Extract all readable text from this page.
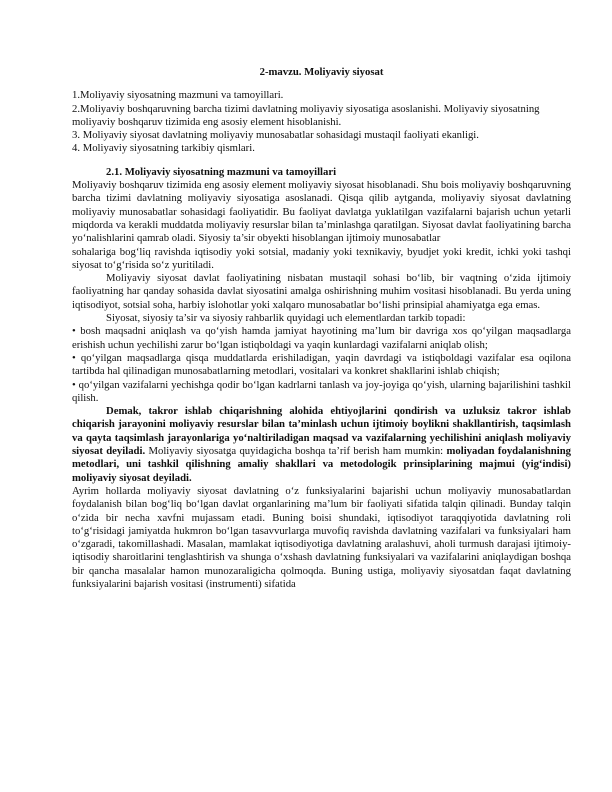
2-mavzu. Moliyaviy siyosat

1.Moliyaviy siyosatning mazmuni va tamoyillari.

2.Moliyaviy boshqaruvning barcha tizimi davlatning moliyaviy siyosatiga asoslanishi. Moliyaviy siyosatning moliyaviy boshqaruv tizimida eng asosiy element hisoblanishi.

3. Moliyaviy siyosat davlatning moliyaviy munosabatlar sohasidagi mustaqil faoliyati ekanligi.

4. Moliyaviy siyosatning tarkibiy qismlari.

2.1. Moliyaviy siyosatning mazmuni va tamoyillari

Moliyaviy boshqaruv tizimida eng asosiy element moliyaviy siyosat hisoblanadi. Shu bois moliyaviy boshqaruvning barcha tizimi davlatning moliyaviy siyosatiga asoslanadi. Qisqa qilib aytganda, moliyaviy siyosat davlatning moliyaviy munosabatlar sohasidagi faoliyatidir. Bu faoliyat davlatga yuklatilgan vazifalarni bajarish uchun yetarli miqdorda va kerakli muddatda moliyaviy resurslar bilan ta’minlashga qaratilgan. Siyosat davlat faoliyatining barcha yo‘nalishlarini qamrab oladi. Siyosiy ta’sir obyekti hisoblangan ijtimoiy munosabatlar

sohalariga bog‘liq ravishda iqtisodiy yoki sotsial, madaniy yoki texnikaviy, byudjet yoki kredit, ichki yoki tashqi siyosat to‘g‘risida so‘z yuritiladi.

Moliyaviy siyosat davlat faoliyatining nisbatan mustaqil sohasi bo‘lib, bir vaqtning o‘zida ijtimoiy faoliyatning har qanday sohasida davlat siyosatini amalga oshirishning muhim vositasi hisoblanadi. Bu yerda uning iqtisodiyot, sotsial soha, harbiy islohotlar yoki xalqaro munosabatlar bo‘lishi prinsipial ahamiyatga ega emas.

Siyosat, siyosiy ta’sir va siyosiy rahbarlik quyidagi uch elementlardan tarkib topadi:

• bosh maqsadni aniqlash va qo‘yish hamda jamiyat hayotining ma’lum bir davriga xos qo‘yilgan maqsadlarga erishish uchun yechilishi zarur bo‘lgan istiqboldagi va yaqin kunlardagi vazifalarni aniqlab olish;

• qo‘yilgan maqsadlarga qisqa muddatlarda erishiladigan, yaqin davrdagi va istiqboldagi vazifalar esa oqilona tartibda hal qilinadigan munosabatlarning metodlari, vositalari va konkret shakllarini ishlab chiqish;

• qo‘yilgan vazifalarni yechishga qodir bo‘lgan kadrlarni tanlash va joy-joyiga qo‘yish, ularning bajarilishini tashkil qilish.

Demak, takror ishlab chiqarishning alohida ehtiyojlarini qondirish va uzluksiz takror ishlab chiqarish jarayonini moliyaviy resurslar bilan ta’minlash uchun ijtimoiy boylikni shakllantirish, taqsimlash va qayta taqsimlash jarayonlariga yo‘naltiriladigan maqsad va vazifalarning yechilishini aniqlash moliyaviy siyosat deyiladi. Moliyaviy siyosatga quyidagicha boshqa ta’rif berish ham mumkin: moliyadan foydalanishning metodlari, uni tashkil qilishning amaliy shakllari va metodologik prinsiplarining majmui (yig‘indisi) moliyaviy siyosat deyiladi.

Ayrim hollarda moliyaviy siyosat davlatning o‘z funksiyalarini bajarishi uchun moliyaviy munosabatlardan foydalanish bilan bog‘liq bo‘lgan davlat organlarining ma’lum bir faoliyati sifatida talqin qilinadi. Bunday talqin o‘zida bir necha xavfni mujassam etadi. Buning boisi shundaki, iqtisodiyot taraqqiyotida davlatning roli to‘g‘risidagi jamiyatda hukmron bo‘lgan tasavvurlarga muvofiq ravishda davlatning vazifalari va funksiyalari ham o‘zgaradi, takomillashadi. Masalan, mamlakat iqtisodiyotiga davlatning aralashuvi, aholi turmush darajasi ijtimoiy-iqtisodiy sharoitlarini tenglashtirish va shunga o‘xshash davlatning funksiyalari va vazifalarini aniqlaydigan boshqa bir qancha masalalar hamon munozaraligicha qolmoqda. Buning ustiga, moliyaviy siyosatdan faqat davlatning funksiyalarini bajarish vositasi (instrumenti) sifatida
